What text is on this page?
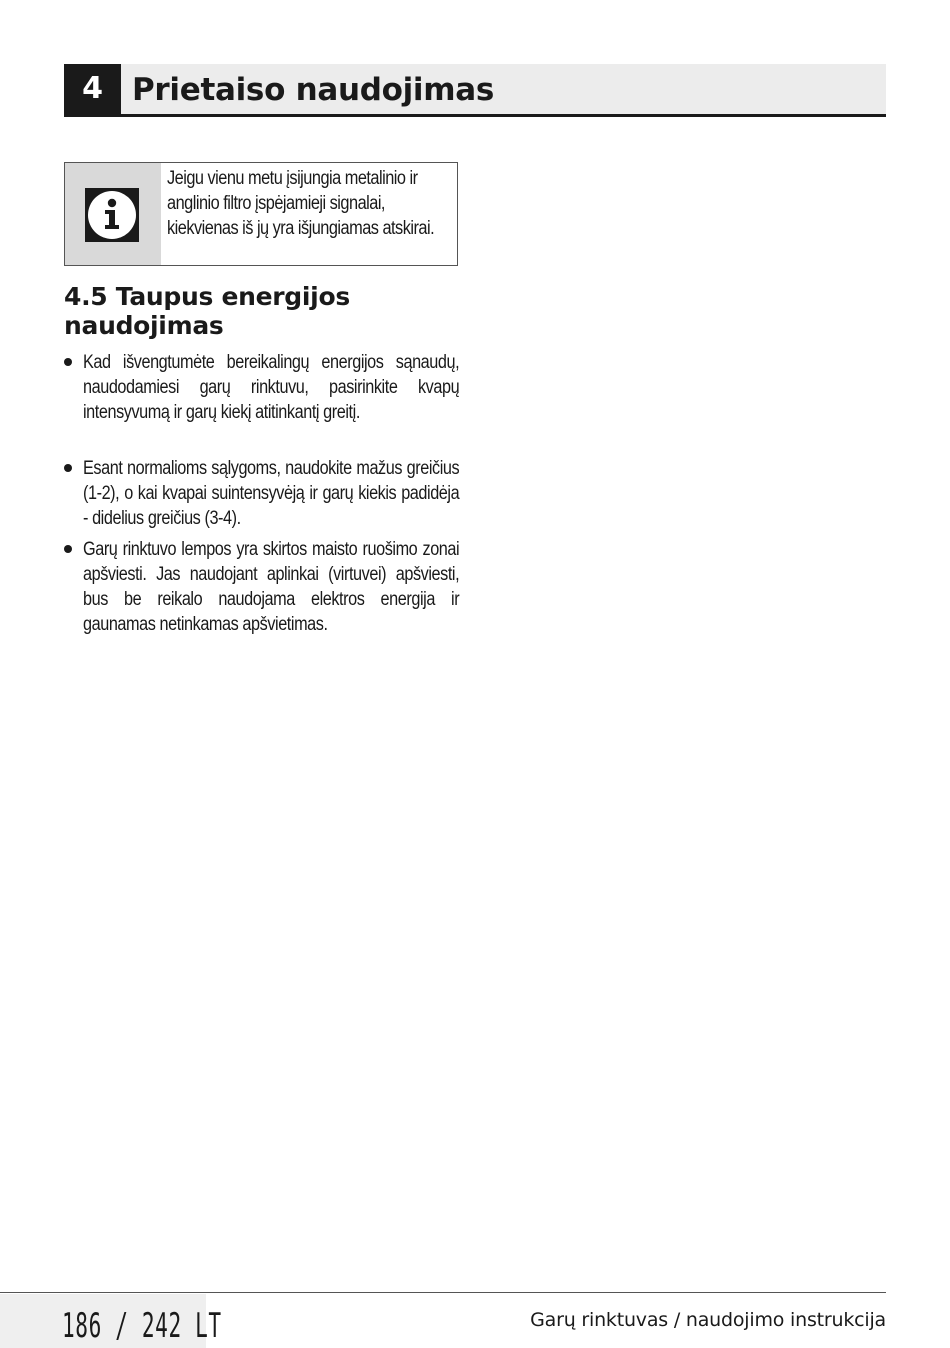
4 Prietaiso naudojimas
Jeigu vienu metu įsijungia metalinio ir anglinio filtro įspėjamieji signalai, kiekvienas iš jų yra išjungiamas atskirai.
4.5 Taupus energijos naudojimas
Kad išvengtumėte bereikalingų energijos sąnaudų, naudodamiesi garų rinktuvu, pasirinkite kvapų intensyvumą ir garų kiekį atitinkantį greitį.
Esant normalioms sąlygoms, naudokite mažus greičius (1-2), o kai kvapai suintensyvėją ir garų kiekis padidėja - didelius greičius (3-4).
Garų rinktuvo lempos yra skirtos maisto ruošimo zonai apšviesti. Jas naudojant aplinkai (virtuvei) apšviesti, bus be reikalo naudojama elektros energija ir gaunamas netinkamas apšvietimas.
186 / 242 LT	Garų rinktuvas / naudojimo instrukcija
